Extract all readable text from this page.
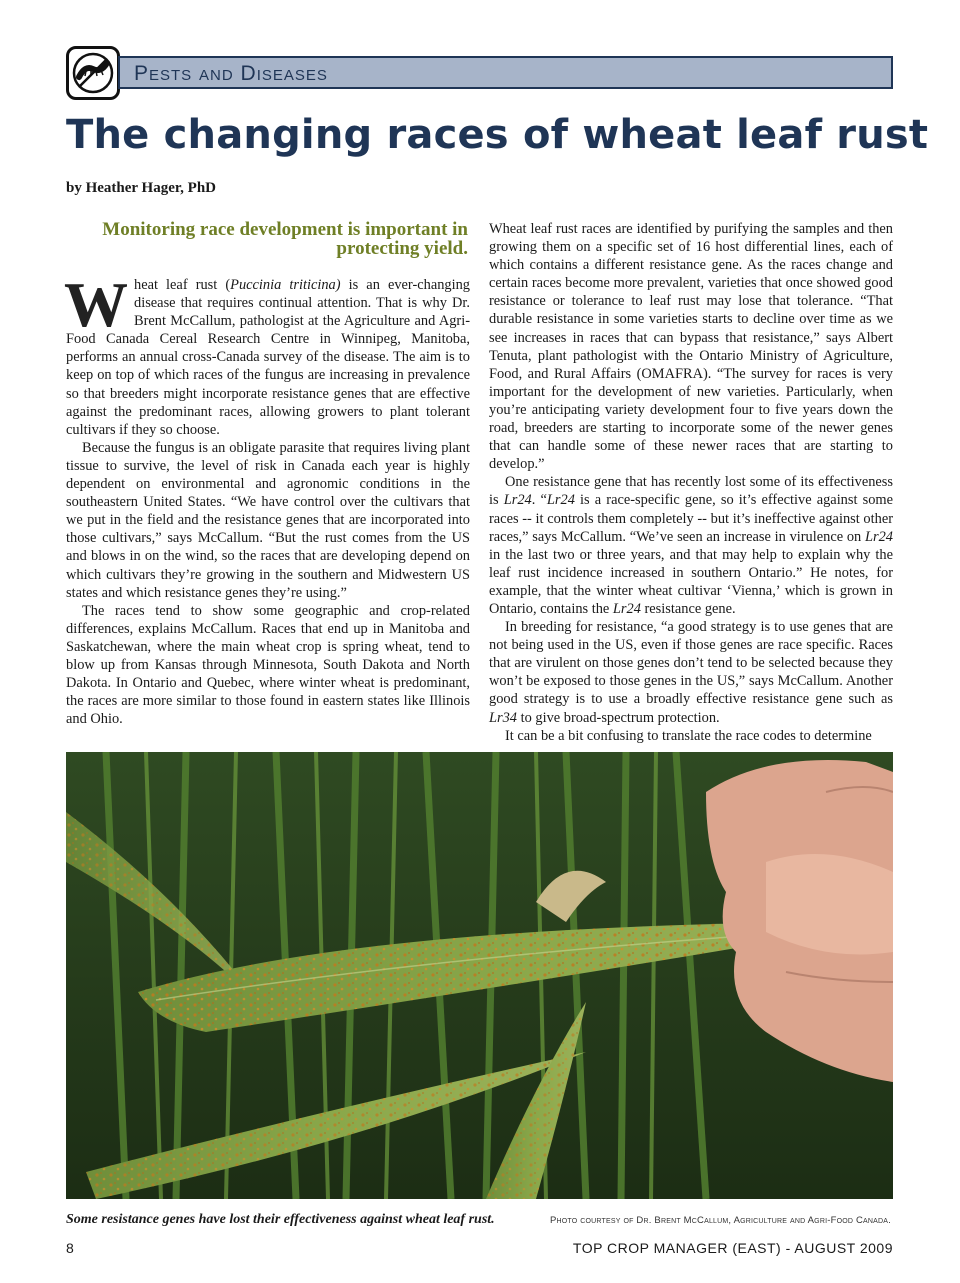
Pests and Diseases
The changing races of wheat leaf rust
by Heather Hager, PhD
Monitoring race development is important in protecting yield.

Wheat leaf rust (Puccinia triticina) is an ever-changing disease that requires continual attention. That is why Dr. Brent McCallum, pathologist at the Agriculture and Agri-Food Canada Cereal Research Centre in Winnipeg, Manitoba, performs an annual cross-Canada survey of the disease. The aim is to keep on top of which races of the fungus are increasing in prevalence so that breeders might incorporate resistance genes that are effective against the predominant races, allowing growers to plant tolerant cultivars if they so choose.

Because the fungus is an obligate parasite that requires living plant tissue to survive, the level of risk in Canada each year is highly dependent on environmental and agronomic conditions in the southeastern United States. “We have control over the cultivars that we put in the field and the resistance genes that are incorporated into those cultivars,” says McCallum. “But the rust comes from the US and blows in on the wind, so the races that are developing depend on which cultivars they’re growing in the southern and Midwestern US states and which resistance genes they’re using.”

The races tend to show some geographic and crop-related differences, explains McCallum. Races that end up in Manitoba and Saskatchewan, where the main wheat crop is spring wheat, tend to blow up from Kansas through Minnesota, South Dakota and North Dakota. In Ontario and Quebec, where winter wheat is predominant, the races are more similar to those found in eastern states like Illinois and Ohio.

Wheat leaf rust races are identified by purifying the samples and then growing them on a specific set of 16 host differential lines, each of which contains a different resistance gene. As the races change and certain races become more prevalent, varieties that once showed good resistance or tolerance to leaf rust may lose that tolerance. “That durable resistance in some varieties starts to decline over time as we see increases in races that can bypass that resistance,” says Albert Tenuta, plant pathologist with the Ontario Ministry of Agriculture, Food, and Rural Affairs (OMAFRA). “The survey for races is very important for the development of new varieties. Particularly, when you’re anticipating variety development four to five years down the road, breeders are starting to incorporate some of the newer genes that can handle some of these newer races that are starting to develop.”

One resistance gene that has recently lost some of its effectiveness is Lr24. “Lr24 is a race-specific gene, so it’s effective against some races -- it controls them completely -- but it’s ineffective against other races,” says McCallum. “We’ve seen an increase in virulence on Lr24 in the last two or three years, and that may help to explain why the leaf rust incidence increased in southern Ontario.” He notes, for example, that the winter wheat cultivar ‘Vienna,’ which is grown in Ontario, contains the Lr24 resistance gene.

In breeding for resistance, “a good strategy is to use genes that are not being used in the US, even if those genes are race specific. Races that are virulent on those genes don’t tend to be selected because they won’t be exposed to those genes in the US,” says McCallum. Another good strategy is to use a broadly effective resistance gene such as Lr34 to give broad-spectrum protection.

It can be a bit confusing to translate the race codes to determine

Some resistance genes have lost their effectiveness against wheat leaf rust.	Photo courtesy of Dr. Brent McCallum, Agriculture and Agri-Food Canada.
8	TOP CROP MANAGER (EAST) - AUGUST 2009
